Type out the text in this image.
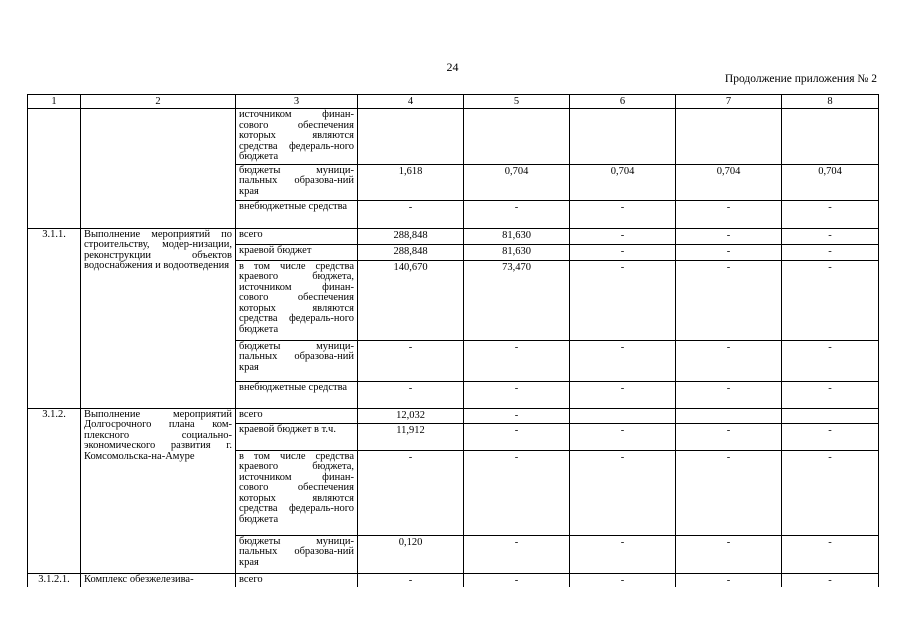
24
Продолжение приложения № 2
1	2	3	4	5	6	7	8
		источником финан-сового обеспечения которых являются средства федераль-ного бюджета					
		бюджеты муници-пальных образова-ний края	1,618	0,704	0,704	0,704	0,704
		внебюджетные средства	-	-	-	-	-
3.1.1.	Выполнение мероприятий по строительству, модер-низации, реконструкции объектов водоснабжения и водоотведения	всего	288,848	81,630	-	-	-
		краевой бюджет	288,848	81,630	-	-	-
		в том числе средства краевого бюджета, источником финан-сового обеспечения которых являются средства федераль-ного бюджета	140,670	73,470	-	-	-
		бюджеты муници-пальных образова-ний края	-	-	-	-	-
		внебюджетные средства	-	-	-	-	-
3.1.2.	Выполнение мероприятий Долгосрочного плана ком-плексного социально-экономического развития г. Комсомольска-на-Амуре	всего	12,032	-			
		краевой бюджет в т.ч.	11,912	-	-	-	-
		в том числе средства краевого бюджета, источником финан-сового обеспечения которых являются средства федераль-ного бюджета	-	-	-	-	-
		бюджеты муници-пальных образова-ний края	0,120	-	-	-	-
3.1.2.1.	Комплекс обезжелезива-	всего	-	-	-	-	-
